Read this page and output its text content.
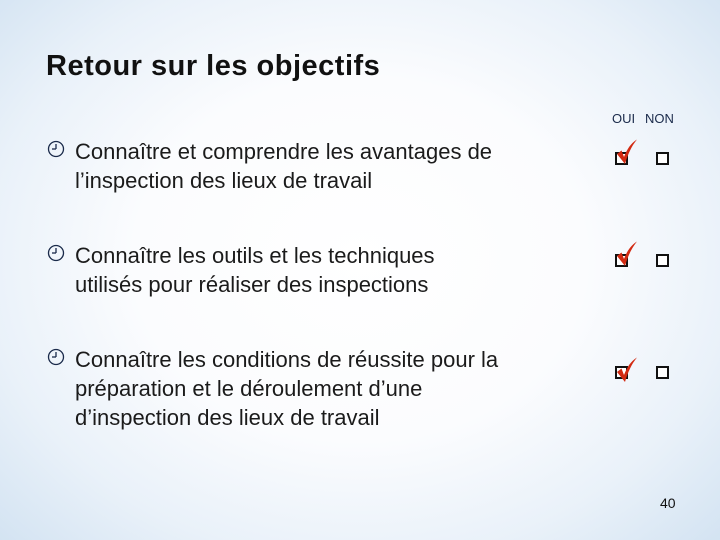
Retour sur les objectifs
OUI NON
Connaître et comprendre les avantages de
l’inspection des lieux de travail
Connaître les outils et les techniques
utilisés pour réaliser des inspections
Connaître les conditions de réussite pour la
préparation et le déroulement d’une
d’inspection des lieux de travail
40
